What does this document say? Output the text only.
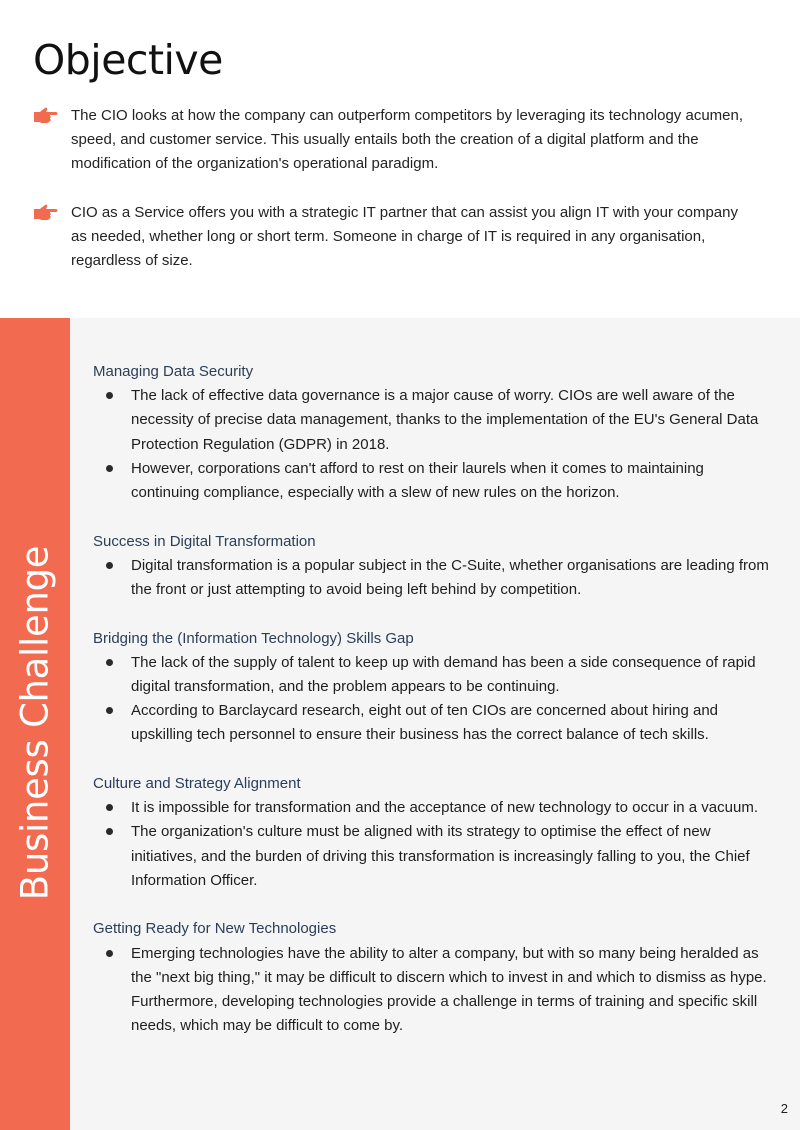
Objective
The CIO looks at how the company can outperform competitors by leveraging its technology acumen, speed, and customer service. This usually entails both the creation of a digital platform and the modification of the organization's operational paradigm.
CIO as a Service offers you with a strategic IT partner that can assist you align IT with your company as needed, whether long or short term. Someone in charge of IT is required in any organisation, regardless of size.
Business Challenge
Managing Data Security
The lack of effective data governance is a major cause of worry. CIOs are well aware of the necessity of precise data management, thanks to the implementation of the EU's General Data Protection Regulation (GDPR) in 2018.
However, corporations can't afford to rest on their laurels when it comes to maintaining continuing compliance, especially with a slew of new rules on the horizon.
Success in Digital Transformation
Digital transformation is a popular subject in the C-Suite, whether organisations are leading from the front or just attempting to avoid being left behind by competition.
Bridging the (Information Technology) Skills Gap
The lack of the supply of talent to keep up with demand has been a side consequence of rapid digital transformation, and the problem appears to be continuing.
According to Barclaycard research, eight out of ten CIOs are concerned about hiring and upskilling tech personnel to ensure their business has the correct balance of tech skills.
Culture and Strategy Alignment
It is impossible for transformation and the acceptance of new technology to occur in a vacuum.
The organization's culture must be aligned with its strategy to optimise the effect of new initiatives, and the burden of driving this transformation is increasingly falling to you, the Chief Information Officer.
Getting Ready for New Technologies
Emerging technologies have the ability to alter a company, but with so many being heralded as the "next big thing," it may be difficult to discern which to invest in and which to dismiss as hype. Furthermore, developing technologies provide a challenge in terms of training and specific skill needs, which may be difficult to come by.
2
